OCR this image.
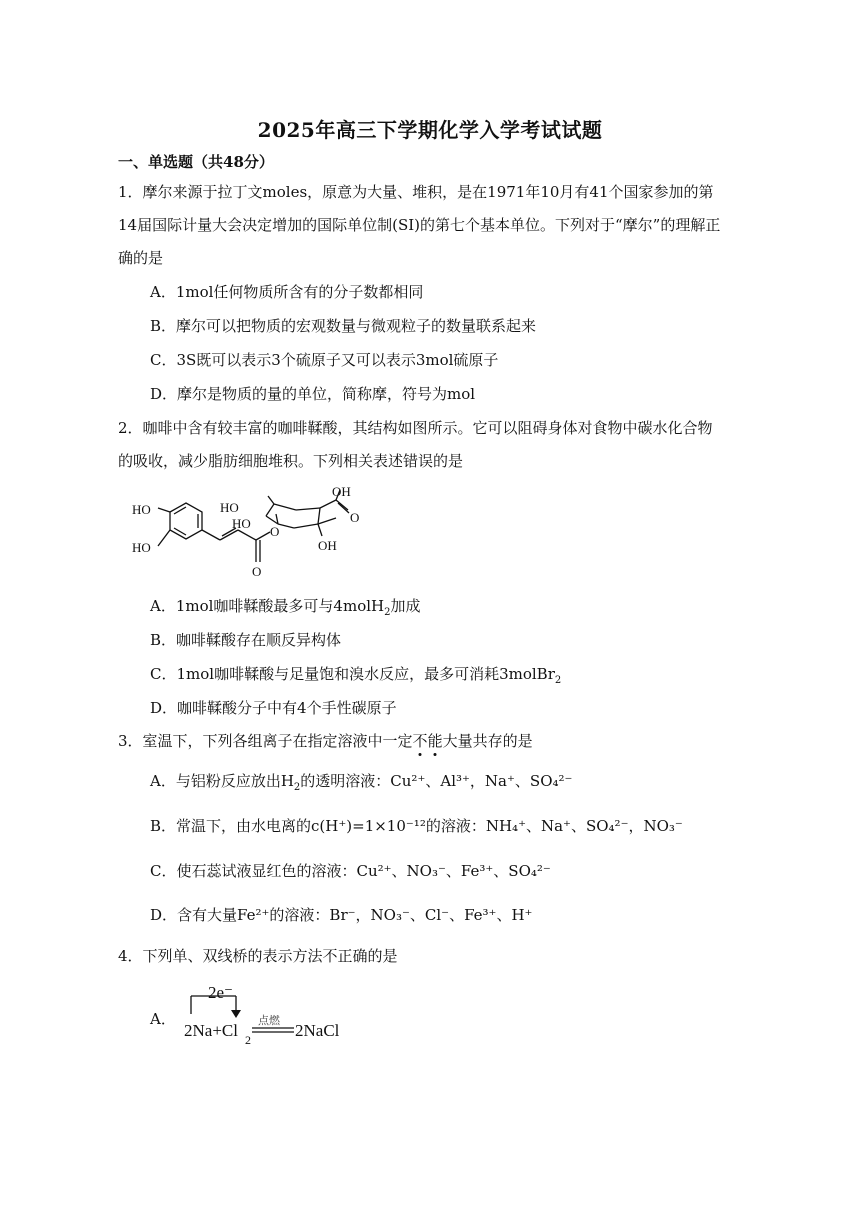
2025年高三下学期化学入学考试试题
一、单选题（共48分）
1．摩尔来源于拉丁文moles，原意为大量、堆积，是在1971年10月有41个国家参加的第
14届国际计量大会决定增加的国际单位制(SI)的第七个基本单位。下列对于“摩尔”的理解正
确的是
A．1mol任何物质所含有的分子数都相同
B．摩尔可以把物质的宏观数量与微观粒子的数量联系起来
C．3S既可以表示3个硫原子又可以表示3mol硫原子
D．摩尔是物质的量的单位，简称摩，符号为mol
2．咖啡中含有较丰富的咖啡鞣酸，其结构如图所示。它可以阻碍身体对食物中碳水化合物
的吸收，减少脂肪细胞堆积。下列相关表述错误的是
HO
HO
HO
HO
OH
OH
O
O
O
A．1mol咖啡鞣酸最多可与4molH$_2$加成
B．咖啡鞣酸存在顺反异构体
C．1mol咖啡鞣酸与足量饱和溴水反应，最多可消耗3molBr$_2$
D．咖啡鞣酸分子中有4个手性碳原子
3．室温下，下列各组离子在指定溶液中一定不能大量共存的是
A．与铝粉反应放出$H_2$的透明溶液：Cu²⁺、Al³⁺，Na⁺、SO₄²⁻
B．常温下，由水电离的c(H⁺)=1×10⁻¹²的溶液：NH₄⁺、Na⁺、SO₄²⁻，NO₃⁻
C．使石蕊试液显红色的溶液：Cu²⁺、NO₃⁻、Fe³⁺、SO₄²⁻
D．含有大量Fe²⁺的溶液：Br⁻，NO₃⁻、Cl⁻、Fe³⁺、H⁺
4．下列单、双线桥的表示方法不正确的是
A．
2e⁻
点燃
2Na+Cl 2	2NaCl
